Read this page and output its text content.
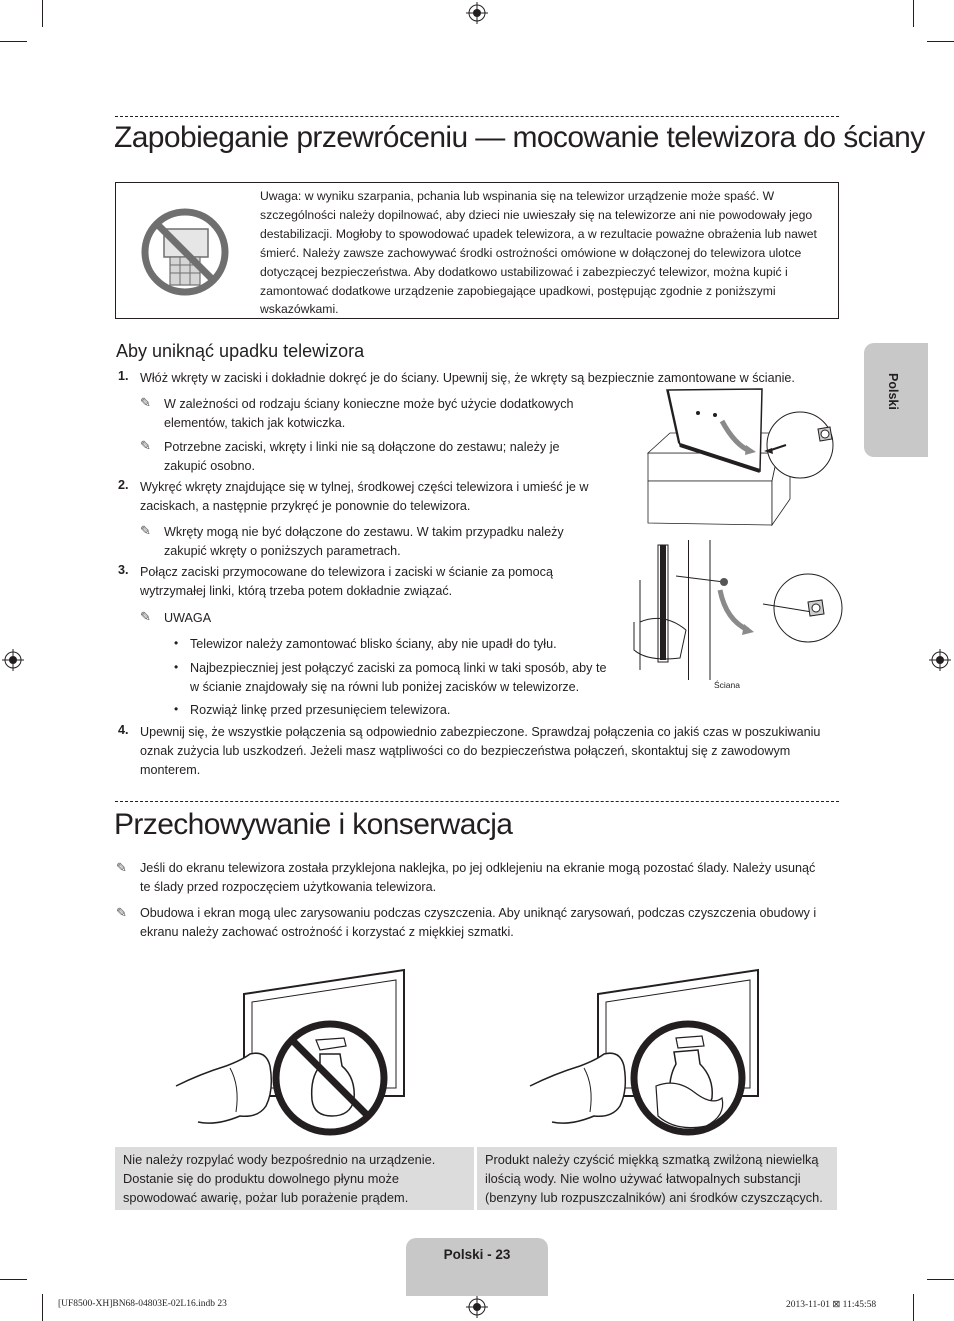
Zapobieganie przewróceniu — mocowanie telewizora do ściany
Uwaga: w wyniku szarpania, pchania lub wspinania się na telewizor urządzenie może spaść. W szczególności należy dopilnować, aby dzieci nie uwieszały się na telewizorze ani nie powodowały jego destabilizacji. Mogłoby to spowodować upadek telewizora, a w rezultacie poważne obrażenia lub nawet śmierć. Należy zawsze zachowywać środki ostrożności omówione w dołączonej do telewizora ulotce dotyczącej bezpieczeństwa. Aby dodatkowo ustabilizować i zabezpieczyć telewizor, można kupić i zamontować dodatkowe urządzenie zapobiegające upadkowi, postępując zgodnie z poniższymi wskazówkami.
Aby uniknąć upadku telewizora
1. Włóż wkręty w zaciski i dokładnie dokręć je do ściany. Upewnij się, że wkręty są bezpiecznie zamontowane w ścianie.
✎ W zależności od rodzaju ściany konieczne może być użycie dodatkowych elementów, takich jak kotwiczka.
✎ Potrzebne zaciski, wkręty i linki nie są dołączone do zestawu; należy je zakupić osobno.
2. Wykręć wkręty znajdujące się w tylnej, środkowej części telewizora i umieść je w zaciskach, a następnie przykręć je ponownie do telewizora.
✎ Wkręty mogą nie być dołączone do zestawu. W takim przypadku należy zakupić wkręty o poniższych parametrach.
3. Połącz zaciski przymocowane do telewizora i zaciski w ścianie za pomocą wytrzymałej linki, którą trzeba potem dokładnie związać.
✎ UWAGA
• Telewizor należy zamontować blisko ściany, aby nie upadł do tyłu.
• Najbezpieczniej jest połączyć zaciski za pomocą linki w taki sposób, aby te w ścianie znajdowały się na równi lub poniżej zacisków w telewizorze.
• Rozwiąż linkę przed przesunięciem telewizora.
4. Upewnij się, że wszystkie połączenia są odpowiednio zabezpieczone. Sprawdzaj połączenia co jakiś czas w poszukiwaniu oznak zużycia lub uszkodzeń. Jeżeli masz wątpliwości co do bezpieczeństwa połączeń, skontaktuj się z zawodowym monterem.
Ściana
Przechowywanie i konserwacja
✎ Jeśli do ekranu telewizora została przyklejona naklejka, po jej odklejeniu na ekranie mogą pozostać ślady. Należy usunąć te ślady przed rozpoczęciem użytkowania telewizora.
✎ Obudowa i ekran mogą ulec zarysowaniu podczas czyszczenia. Aby uniknąć zarysowań, podczas czyszczenia obudowy i ekranu należy zachować ostrożność i korzystać z miękkiej szmatki.
Nie należy rozpylać wody bezpośrednio na urządzenie. Dostanie się do produktu dowolnego płynu może spowodować awarię, pożar lub porażenie prądem.
Produkt należy czyścić miękką szmatką zwilżoną niewielką ilością wody. Nie wolno używać łatwopalnych substancji (benzyny lub rozpuszczalników) ani środków czyszczących.
Polski
Polski - 23
[UF8500-XH]BN68-04803E-02L16.indb 23	2013-11-01 ⊠ 11:45:58
